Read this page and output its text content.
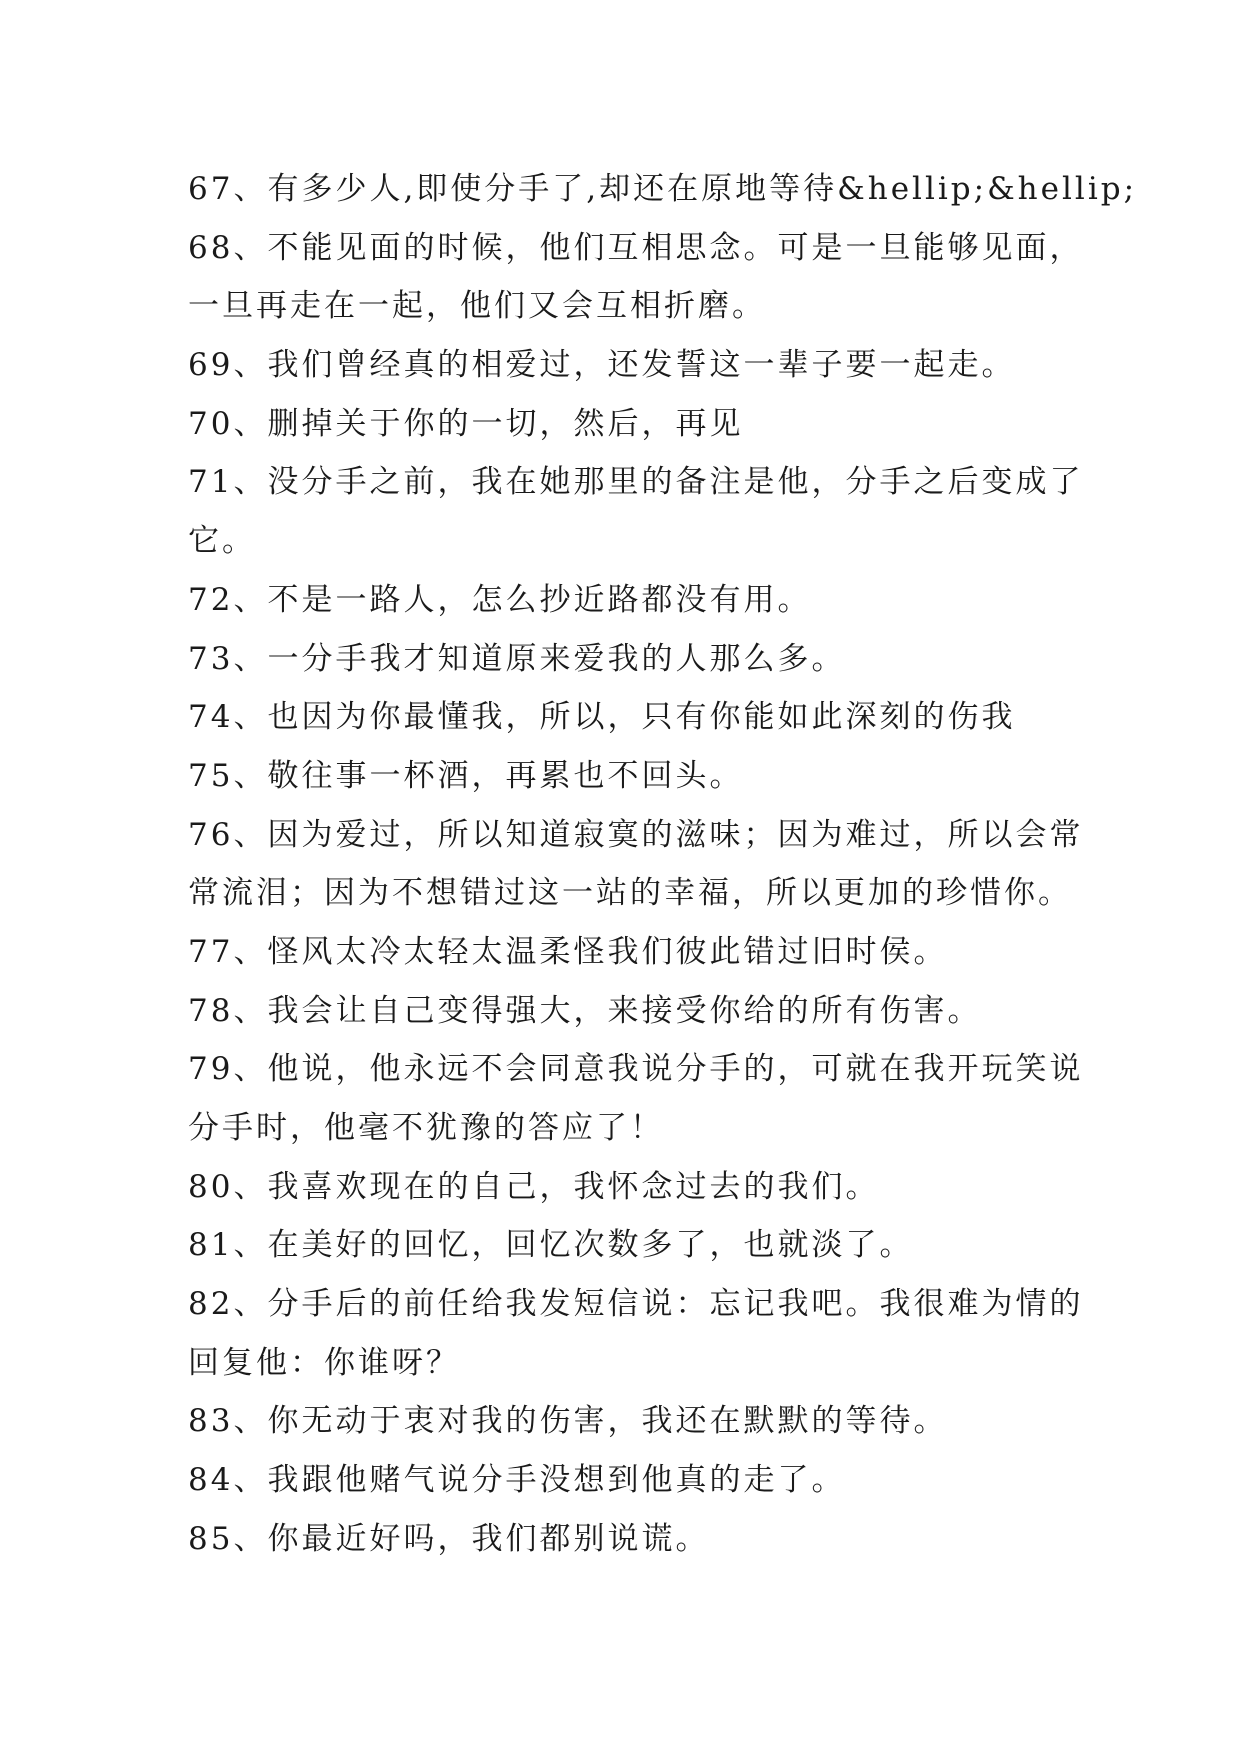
67、有多少人,即使分手了,却还在原地等待&hellip;&hellip;
68、不能见面的时候，他们互相思念。可是一旦能够见面，
一旦再走在一起，他们又会互相折磨。
69、我们曾经真的相爱过，还发誓这一辈子要一起走。
70、删掉关于你的一切，然后，再见
71、没分手之前，我在她那里的备注是他，分手之后变成了
它。
72、不是一路人，怎么抄近路都没有用。
73、一分手我才知道原来爱我的人那么多。
74、也因为你最懂我，所以，只有你能如此深刻的伤我
75、敬往事一杯酒，再累也不回头。
76、因为爱过，所以知道寂寞的滋味；因为难过，所以会常
常流泪；因为不想错过这一站的幸福，所以更加的珍惜你。
77、怪风太冷太轻太温柔怪我们彼此错过旧时侯。
78、我会让自己变得强大，来接受你给的所有伤害。
79、他说，他永远不会同意我说分手的，可就在我开玩笑说
分手时，他毫不犹豫的答应了！
80、我喜欢现在的自己，我怀念过去的我们。
81、在美好的回忆，回忆次数多了，也就淡了。
82、分手后的前任给我发短信说：忘记我吧。我很难为情的
回复他：你谁呀？
83、你无动于衷对我的伤害，我还在默默的等待。
84、我跟他赌气说分手没想到他真的走了。
85、你最近好吗，我们都别说谎。
